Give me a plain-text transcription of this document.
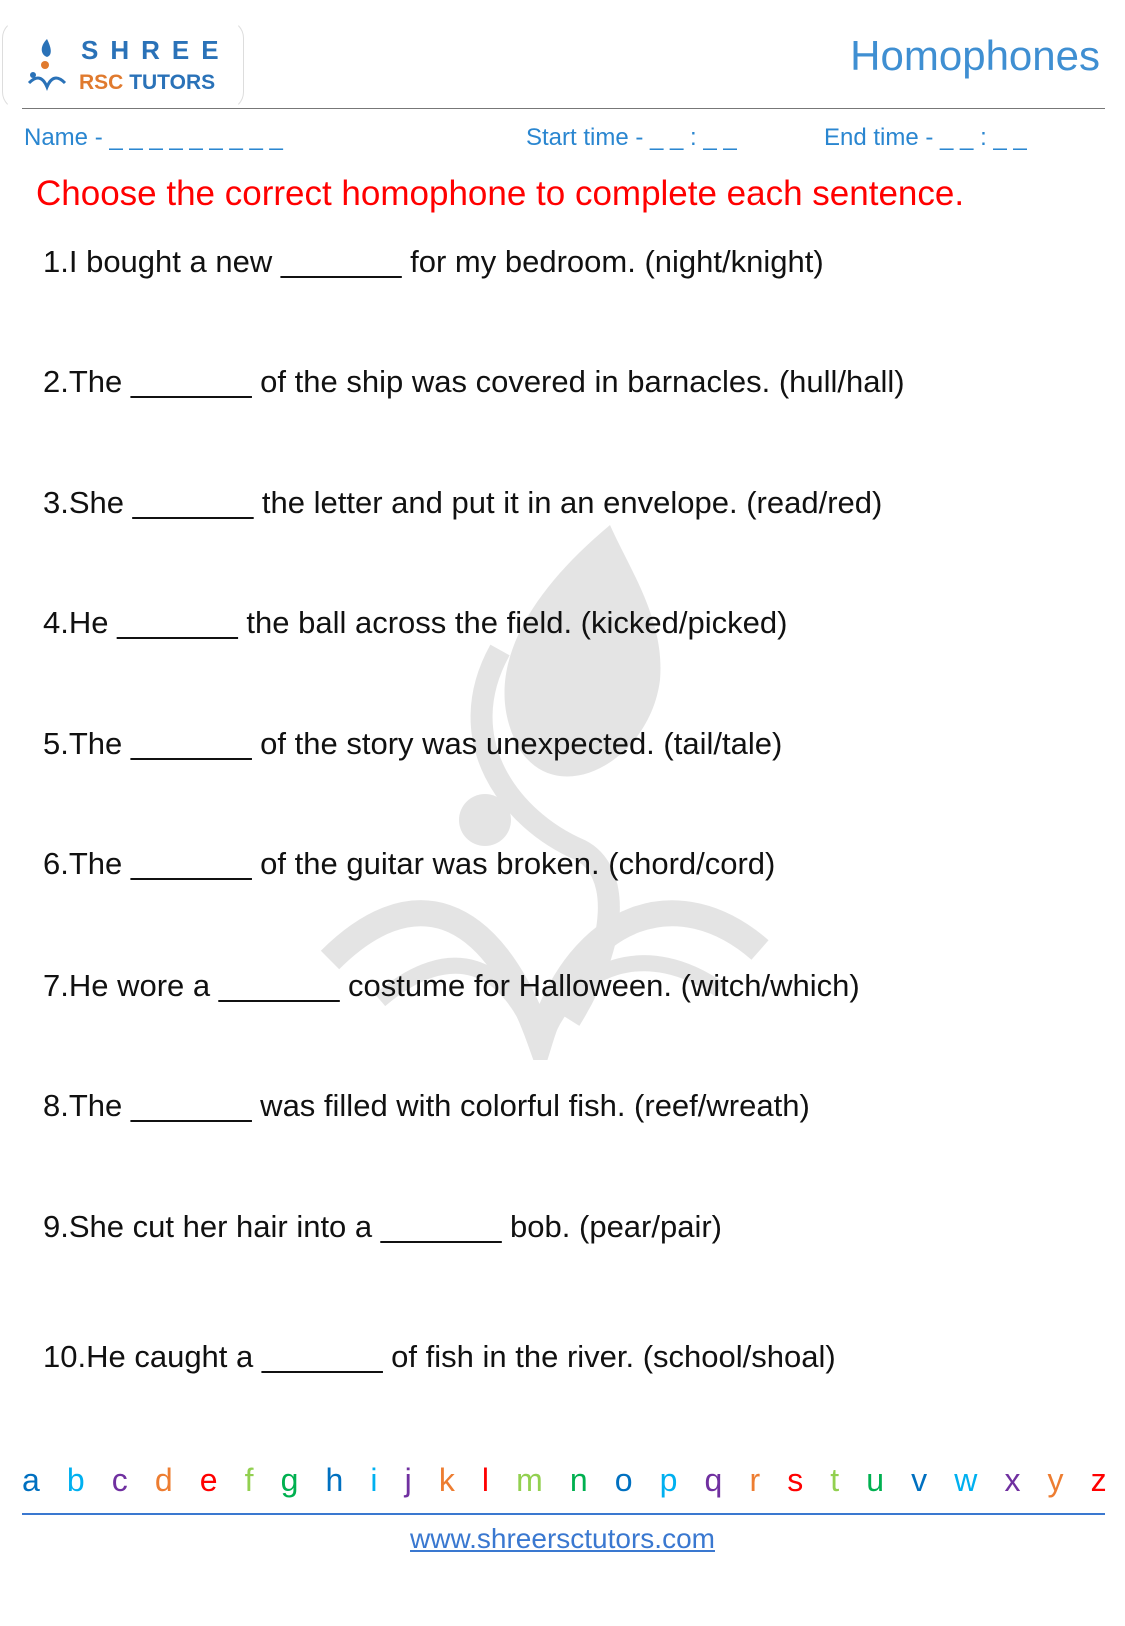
SHREE
RSC TUTORS
Homophones
Name - _ _ _ _ _ _ _ _ _	Start time - _ _ : _ _	End time - _ _ : _ _
Choose the correct homophone to complete each sentence.
1.I bought a new _______ for my bedroom. (night/knight)
2.The _______ of the ship was covered in barnacles. (hull/hall)
3.She _______ the letter and put it in an envelope. (read/red)
4.He _______ the ball across the field. (kicked/picked)
5.The _______ of the story was unexpected. (tail/tale)
6.The _______ of the guitar was broken. (chord/cord)
7.He wore a _______ costume for Halloween. (witch/which)
8.The _______ was filled with colorful fish. (reef/wreath)
9.She cut her hair into a _______ bob. (pear/pair)
10.He caught a _______ of fish in the river. (school/shoal)
a b c d e f g h i j k l m n o p q r s t u v w x y z
www.shreersctutors.com
